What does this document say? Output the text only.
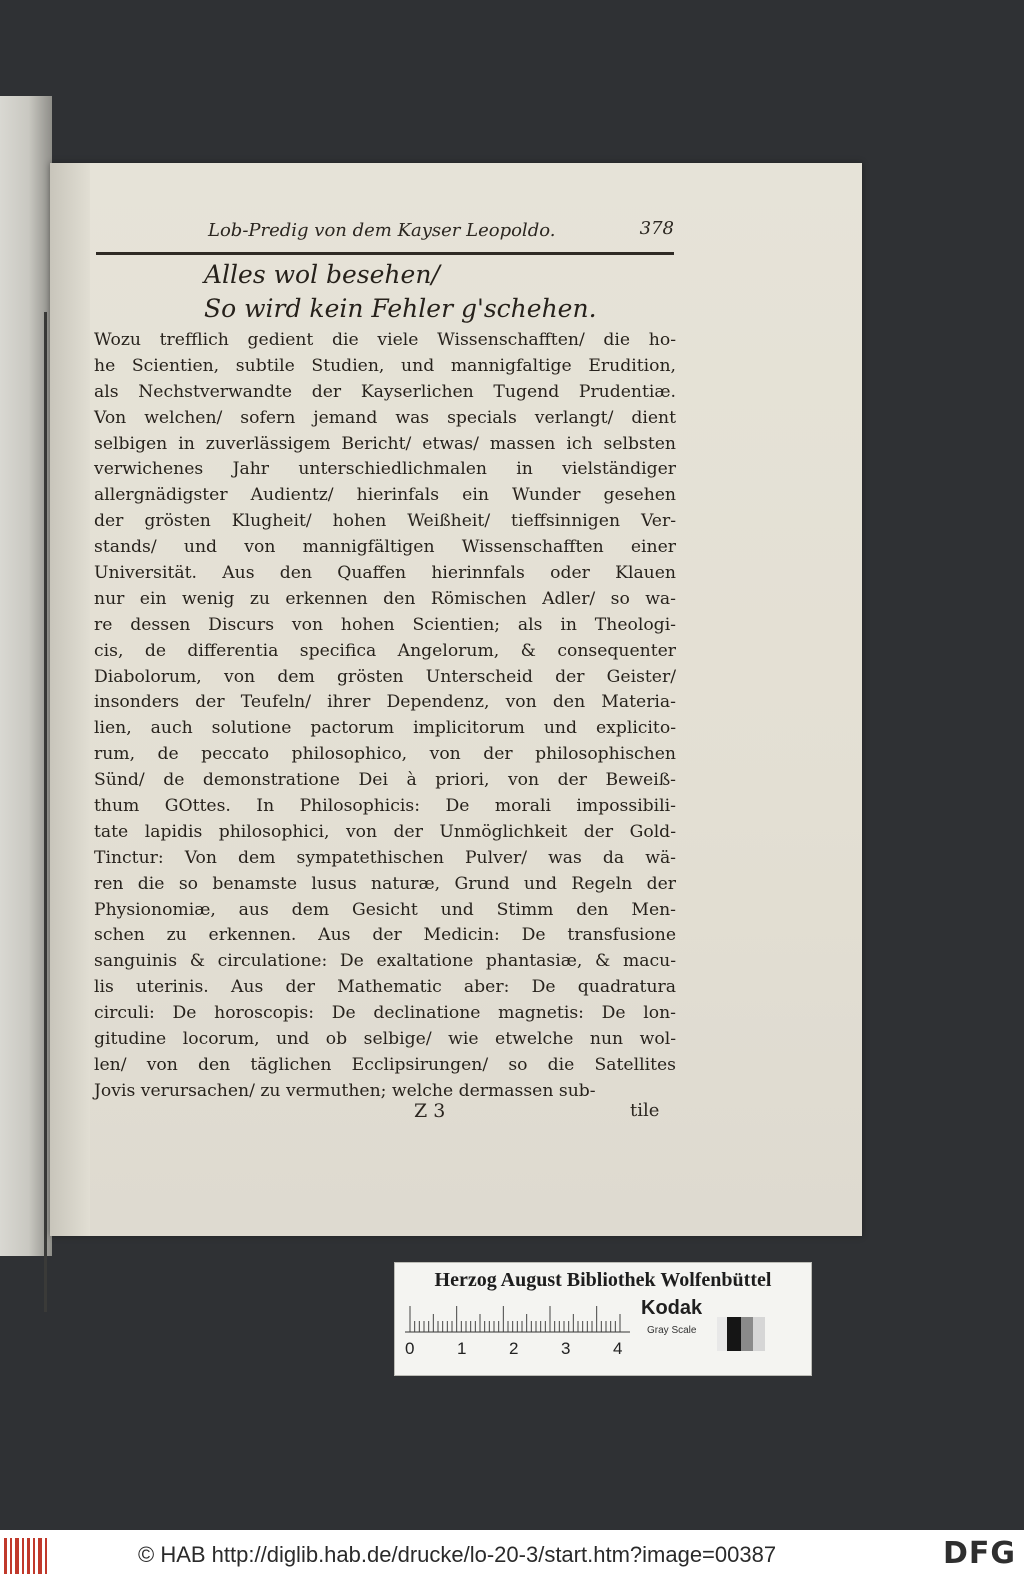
Lob-Predig von dem Kayser Leopoldo.	378
Alles wol besehen/
So wird kein Fehler g'schehen.
Wozu trefflich gedient die viele Wissenschafften/ die ho-
he Scientien, subtile Studien, und mannigfaltige Erudition,
als Nechstverwandte der Kayserlichen Tugend Prudentiæ.
Von welchen/ sofern jemand was specials verlangt/ dient
selbigen in zuverlässigem Bericht/ etwas/ massen ich selbsten
verwichenes Jahr unterschiedlichmalen in vielständiger
allergnädigster Audientz/ hierinfals ein Wunder gesehen
der grösten Klugheit/ hohen Weißheit/ tieffsinnigen Ver-
stands/ und von mannigfältigen Wissenschafften einer
Universität. Aus den Quaffen hierinnfals oder Klauen
nur ein wenig zu erkennen den Römischen Adler/ so wa-
re dessen Discurs von hohen Scientien; als in Theologi-
cis, de differentia specifica Angelorum, & consequenter
Diabolorum, von dem grösten Unterscheid der Geister/
insonders der Teufeln/ ihrer Dependenz, von den Materia-
lien, auch solutione pactorum implicitorum und explicito-
rum, de peccato philosophico, von der philosophischen
Sünd/ de demonstratione Dei à priori, von der Beweiß-
thum GOttes. In Philosophicis: De morali impossibili-
tate lapidis philosophici, von der Unmöglichkeit der Gold-
Tinctur: Von dem sympatethischen Pulver/ was da wä-
ren die so benamste lusus naturæ, Grund und Regeln der
Physionomiæ, aus dem Gesicht und Stimm den Men-
schen zu erkennen. Aus der Medicin: De transfusione
sanguinis & circulatione: De exaltatione phantasiæ, & macu-
lis uterinis. Aus der Mathematic aber: De quadratura
circuli: De horoscopis: De declinatione magnetis: De lon-
gitudine locorum, und ob selbige/ wie etwelche nun wol-
len/ von den täglichen Ecclipsirungen/ so die Satellites
Jovis verursachen/ zu vermuthen; welche dermassen sub-
Z 3	tile
Herzog August Bibliothek Wolfenbüttel
0	1	2	3	4
Kodak
Gray Scale
© HAB http://diglib.hab.de/drucke/lo-20-3/start.htm?image=00387	DFG
